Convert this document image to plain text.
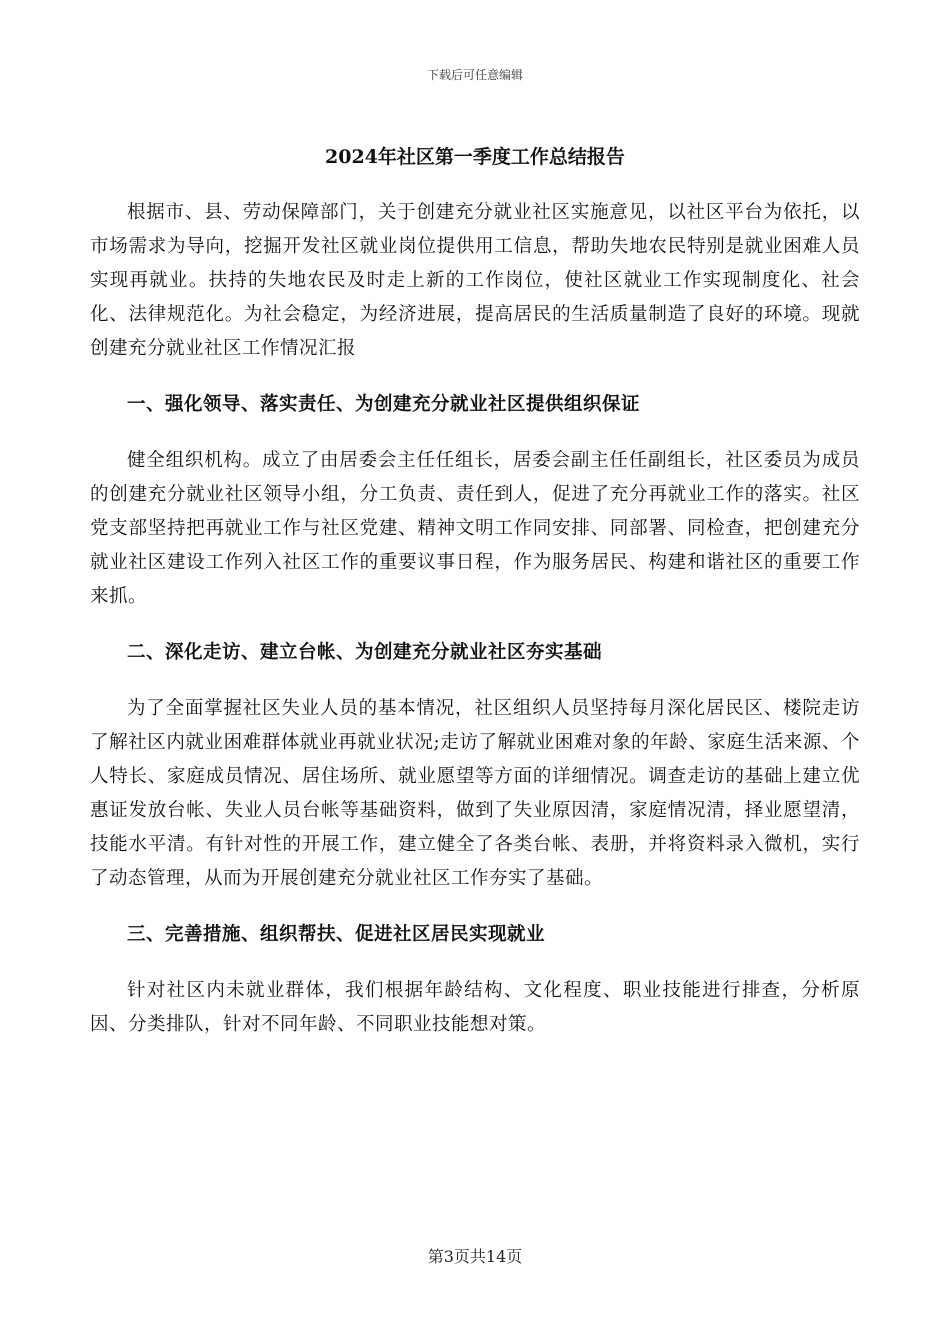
下载后可任意编辑
2024年社区第一季度工作总结报告

根据市、县、劳动保障部门，关于创建充分就业社区实施意见，以社区平台为依托，以市场需求为导向，挖掘开发社区就业岗位提供用工信息，帮助失地农民特别是就业困难人员实现再就业。扶持的失地农民及时走上新的工作岗位，使社区就业工作实现制度化、社会化、法律规范化。为社会稳定，为经济进展，提高居民的生活质量制造了良好的环境。现就创建充分就业社区工作情况汇报

一、强化领导、落实责任、为创建充分就业社区提供组织保证

健全组织机构。成立了由居委会主任任组长，居委会副主任任副组长，社区委员为成员的创建充分就业社区领导小组，分工负责、责任到人，促进了充分再就业工作的落实。社区党支部坚持把再就业工作与社区党建、精神文明工作同安排、同部署、同检查，把创建充分就业社区建设工作列入社区工作的重要议事日程，作为服务居民、构建和谐社区的重要工作来抓。

二、深化走访、建立台帐、为创建充分就业社区夯实基础

为了全面掌握社区失业人员的基本情况，社区组织人员坚持每月深化居民区、楼院走访了解社区内就业困难群体就业再就业状况;走访了解就业困难对象的年龄、家庭生活来源、个人特长、家庭成员情况、居住场所、就业愿望等方面的详细情况。调查走访的基础上建立优惠证发放台帐、失业人员台帐等基础资料，做到了失业原因清，家庭情况清，择业愿望清，技能水平清。有针对性的开展工作，建立健全了各类台帐、表册，并将资料录入微机，实行了动态管理，从而为开展创建充分就业社区工作夯实了基础。

三、完善措施、组织帮扶、促进社区居民实现就业

针对社区内未就业群体，我们根据年龄结构、文化程度、职业技能进行排查，分析原因、分类排队，针对不同年龄、不同职业技能想对策。

第3页共14页
